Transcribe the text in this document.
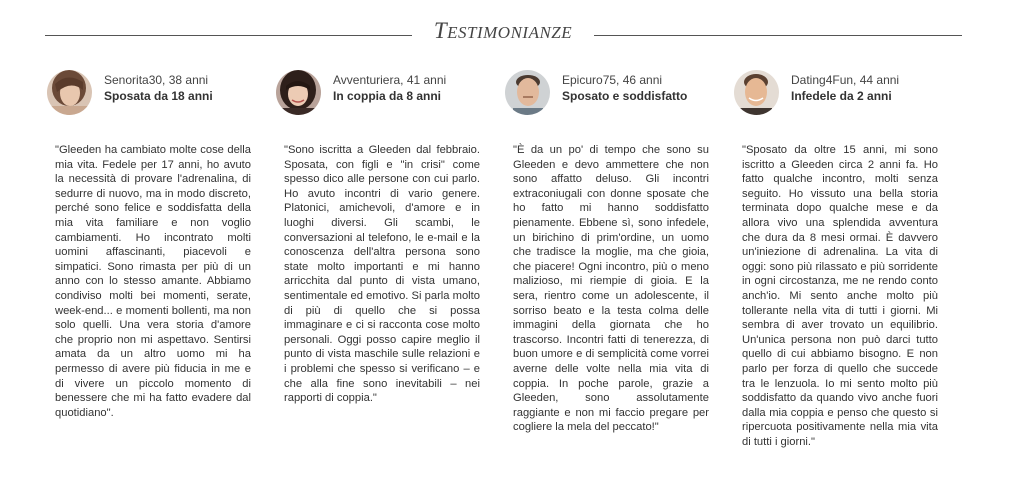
TESTIMONIANZE
Senorita30, 38 anni
Sposata da 18 anni

"Gleeden ha cambiato molte cose della mia vita. Fedele per 17 anni, ho avuto la necessità di provare l'adrenalina, di sedurre di nuovo, ma in modo discreto, perché sono felice e soddisfatta della mia vita familiare e non voglio cambiamenti. Ho incontrato molti uomini affascinanti, piacevoli e simpatici. Sono rimasta per più di un anno con lo stesso amante. Abbiamo condiviso molti bei momenti, serate, week-end... e momenti bollenti, ma non solo quelli. Una vera storia d'amore che proprio non mi aspettavo. Sentirsi amata da un altro uomo mi ha permesso di avere più fiducia in me e di vivere un piccolo momento di benessere che mi ha fatto evadere dal quotidiano".

Avventuriera, 41 anni
In coppia da 8 anni

"Sono iscritta a Gleeden dal febbraio. Sposata, con figli e "in crisi" come spesso dico alle persone con cui parlo. Ho avuto incontri di vario genere. Platonici, amichevoli, d'amore e in luoghi diversi. Gli scambi, le conversazioni al telefono, le e-mail e la conoscenza dell'altra persona sono state molto importanti e mi hanno arricchita dal punto di vista umano, sentimentale ed emotivo. Si parla molto di più di quello che si possa immaginare e ci si racconta cose molto personali. Oggi posso capire meglio il punto di vista maschile sulle relazioni e i problemi che spesso si verificano – e che alla fine sono inevitabili – nei rapporti di coppia."

Epicuro75, 46 anni
Sposato e soddisfatto

"È da un po' di tempo che sono su Gleeden e devo ammettere che non sono affatto deluso. Gli incontri extraconiugali con donne sposate che ho fatto mi hanno soddisfatto pienamente. Ebbene sì, sono infedele, un birichino di prim'ordine, un uomo che tradisce la moglie, ma che gioia, che piacere! Ogni incontro, più o meno malizioso, mi riempie di gioia. E la sera, rientro come un adolescente, il sorriso beato e la testa colma delle immagini della giornata che ho trascorso. Incontri fatti di tenerezza, di buon umore e di semplicità come vorrei averne delle volte nella mia vita di coppia. In poche parole, grazie a Gleeden, sono assolutamente raggiante e non mi faccio pregare per cogliere la mela del peccato!"

Dating4Fun, 44 anni
Infedele da 2 anni

"Sposato da oltre 15 anni, mi sono iscritto a Gleeden circa 2 anni fa. Ho fatto qualche incontro, molti senza seguito. Ho vissuto una bella storia terminata dopo qualche mese e da allora vivo una splendida avventura che dura da 8 mesi ormai. È davvero un'iniezione di adrenalina. La vita di oggi: sono più rilassato e più sorridente in ogni circostanza, me ne rendo conto anch'io. Mi sento anche molto più tollerante nella vita di tutti i giorni. Mi sembra di aver trovato un equilibrio. Un'unica persona non può darci tutto quello di cui abbiamo bisogno. E non parlo per forza di quello che succede tra le lenzuola. Io mi sento molto più soddisfatto da quando vivo anche fuori dalla mia coppia e penso che questo si ripercuota positivamente nella mia vita di tutti i giorni."
